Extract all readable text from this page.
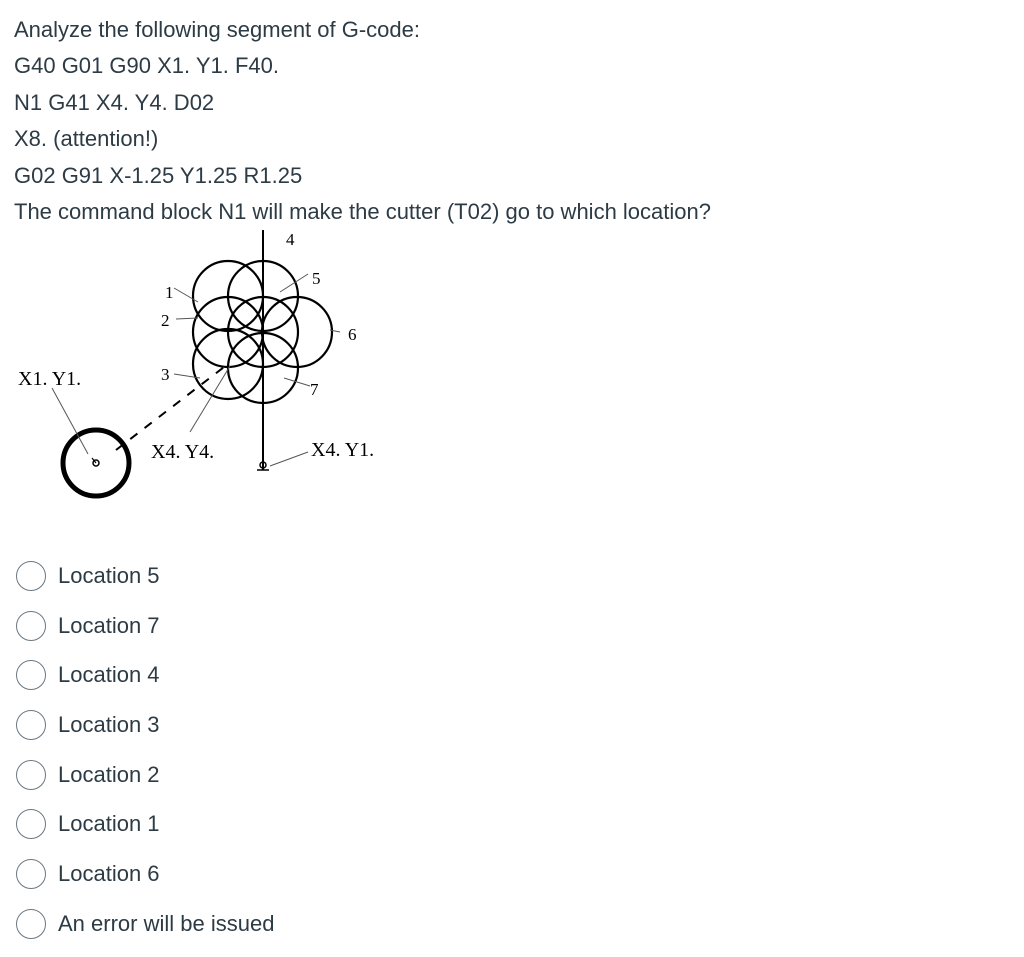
Analyze the following segment of G-code:
G40 G01 G90 X1. Y1. F40.
N1 G41 X4. Y4. D02
X8. (attention!)
G02 G91 X-1.25 Y1.25 R1.25
The command block N1 will make the cutter (T02) go to which location?
X1. Y1.
X4. Y4.	X4. Y1.
1
2
3
4
5
6
7
Location 5
Location 7
Location 4
Location 3
Location 2
Location 1
Location 6
An error will be issued
